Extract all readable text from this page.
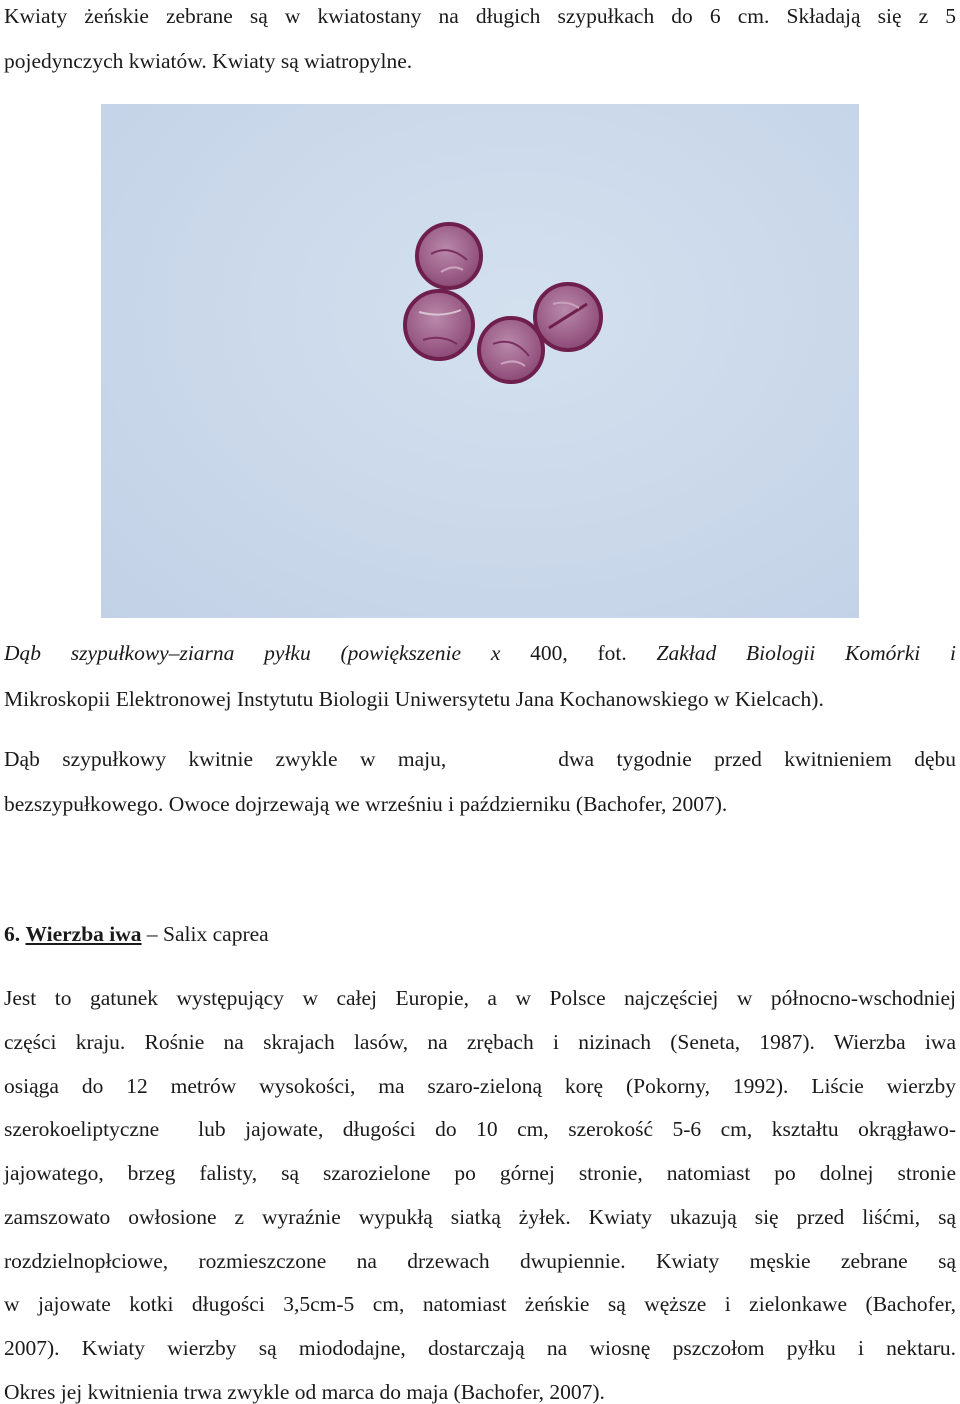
Kwiaty żeńskie zebrane są w kwiatostany na długich szypułkach do 6 cm. Składają się z 5
pojedynczych kwiatów. Kwiaty są wiatropylne.
Dąb szypułkowy–ziarna pyłku (powiększenie x 400, fot. Zakład Biologii Komórki i
Mikroskopii Elektronowej Instytutu Biologii Uniwersytetu Jana Kochanowskiego w Kielcach).
Dąb szypułkowy kwitnie zwykle w maju,     dwa tygodnie przed kwitnieniem dębu
bezszypułkowego. Owoce dojrzewają we wrześniu i październiku (Bachofer, 2007).
6. Wierzba iwa – Salix caprea
Jest to gatunek występujący w całej Europie, a w Polsce najczęściej w północno-wschodniej
części kraju. Rośnie na skrajach lasów, na zrębach i nizinach (Seneta, 1987). Wierzba iwa
osiąga do 12 metrów wysokości, ma szaro-zieloną korę (Pokorny, 1992). Liście wierzby
szerokoeliptyczne  lub jajowate, długości do 10 cm, szerokość 5-6 cm, kształtu okrągławo-
jajowatego, brzeg falisty, są szarozielone po górnej stronie, natomiast po dolnej stronie
zamszowato owłosione z wyraźnie wypukłą siatką żyłek. Kwiaty ukazują się przed liśćmi, są
rozdzielnopłciowe, rozmieszczone na drzewach dwupiennie. Kwiaty męskie zebrane są
w jajowate kotki długości 3,5cm-5 cm, natomiast żeńskie są węższe i zielonkawe (Bachofer,
2007). Kwiaty wierzby są miododajne, dostarczają na wiosnę pszczołom pyłku i nektaru.
Okres jej kwitnienia trwa zwykle od marca do maja (Bachofer, 2007).
